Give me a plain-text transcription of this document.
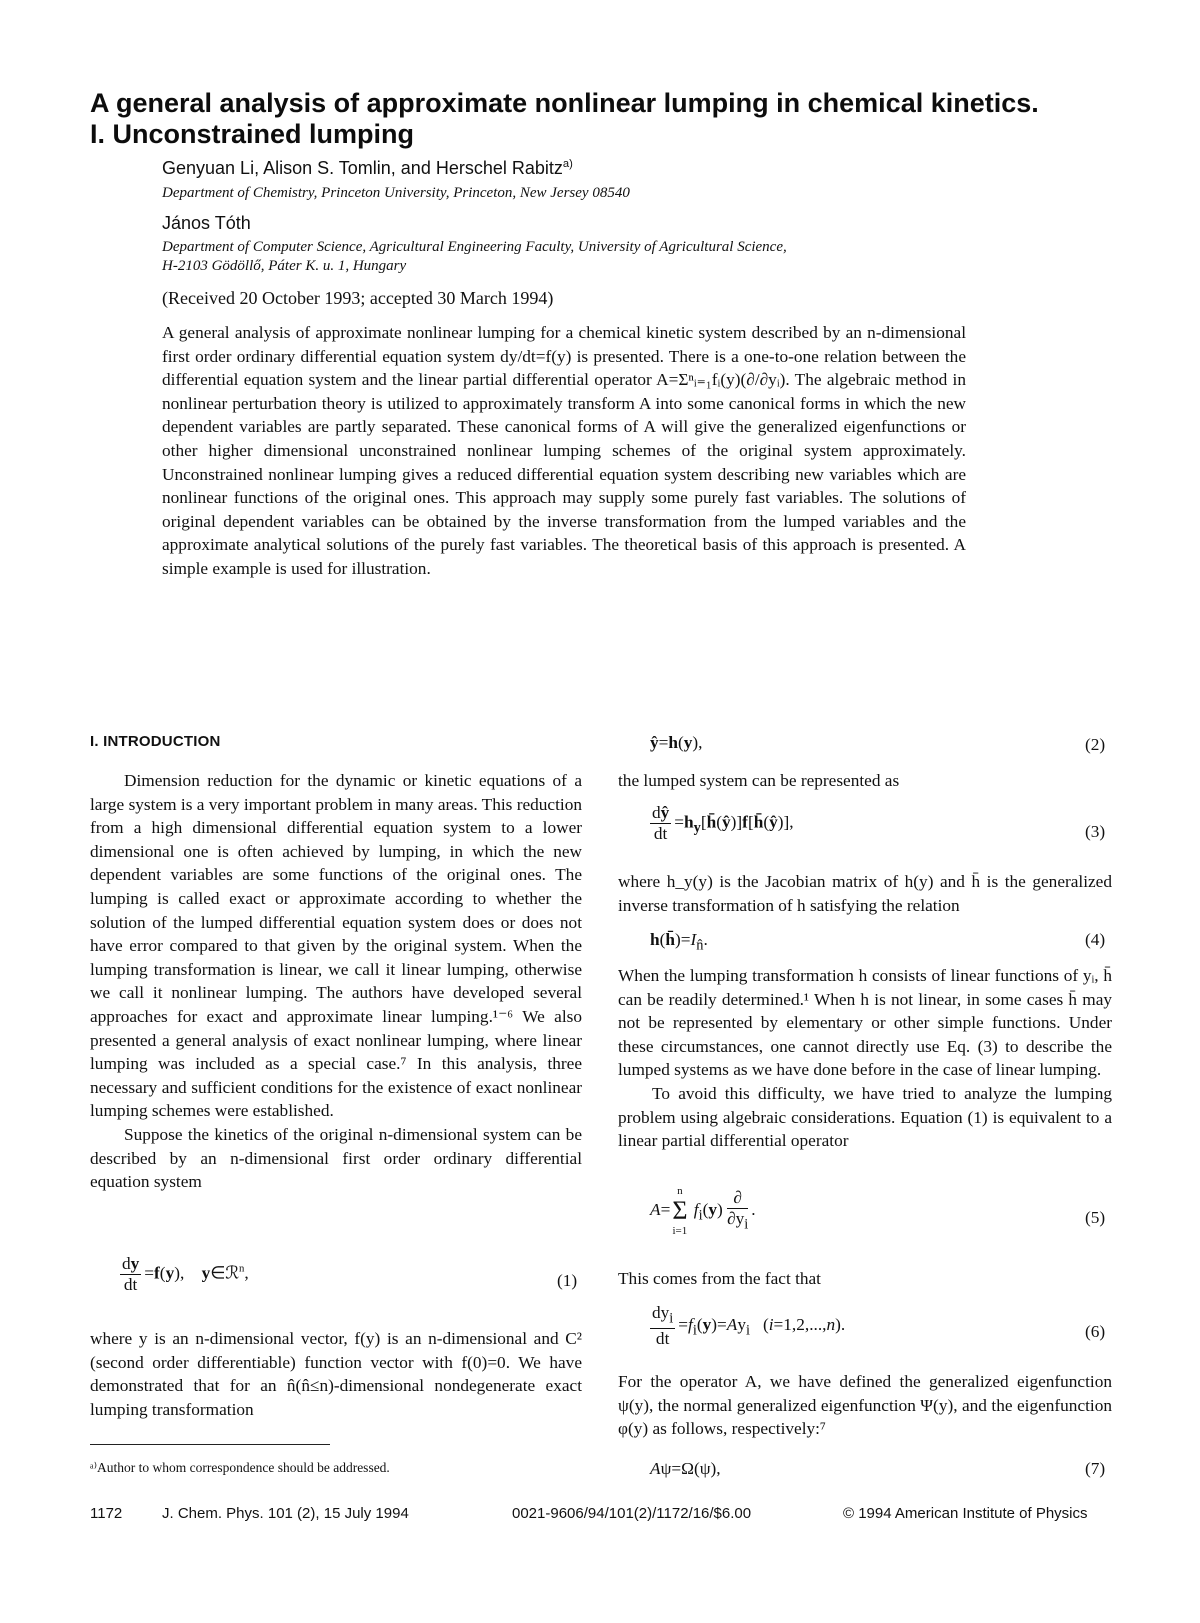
A general analysis of approximate nonlinear lumping in chemical kinetics.
I. Unconstrained lumping
Genyuan Li, Alison S. Tomlin, and Herschel Rabitz$^{a)}$
Department of Chemistry, Princeton University, Princeton, New Jersey 08540
János Tóth
Department of Computer Science, Agricultural Engineering Faculty, University of Agricultural Science,
H-2103 Gödöllő, Páter K. u. 1, Hungary
(Received 20 October 1993; accepted 30 March 1994)
A general analysis of approximate nonlinear lumping for a chemical kinetic system described by an n-dimensional first order ordinary differential equation system dy/dt=f(y) is presented. There is a one-to-one relation between the differential equation system and the linear partial differential operator A=Σⁿᵢ₌₁fᵢ(y)(∂/∂yᵢ). The algebraic method in nonlinear perturbation theory is utilized to approximately transform A into some canonical forms in which the new dependent variables are partly separated. These canonical forms of A will give the generalized eigenfunctions or other higher dimensional unconstrained nonlinear lumping schemes of the original system approximately. Unconstrained nonlinear lumping gives a reduced differential equation system describing new variables which are nonlinear functions of the original ones. This approach may supply some purely fast variables. The solutions of original dependent variables can be obtained by the inverse transformation from the lumped variables and the approximate analytical solutions of the purely fast variables. The theoretical basis of this approach is presented. A simple example is used for illustration.
I. INTRODUCTION

Dimension reduction for the dynamic or kinetic equations of a large system is a very important problem in many areas. This reduction from a high dimensional differential equation system to a lower dimensional one is often achieved by lumping, in which the new dependent variables are some functions of the original ones. The lumping is called exact or approximate according to whether the solution of the lumped differential equation system does or does not have error compared to that given by the original system. When the lumping transformation is linear, we call it linear lumping, otherwise we call it nonlinear lumping. The authors have developed several approaches for exact and approximate linear lumping.¹⁻⁶ We also presented a general analysis of exact nonlinear lumping, where linear lumping was included as a special case.⁷ In this analysis, three necessary and sufficient conditions for the existence of exact nonlinear lumping schemes were established.

Suppose the kinetics of the original n-dimensional system can be described by an n-dimensional first order ordinary differential equation system

$\frac{dy}{dt} =f(y)$,    y∈ℛ$^n$,	(1)
where y is an n-dimensional vector, f(y) is an n-dimensional and C² (second order differentiable) function vector with f(0)=0. We have demonstrated that for an n̂(n̂≤n)-dimensional nondegenerate exact lumping transformation
ᵃ⁾Author to whom correspondence should be addressed.
ŷ=h(y),	(2)
the lumped system can be represented as
$\frac{dŷ}{dt}$ $=h_y[h̄(ŷ)]f[h̄(ŷ)]$,
(3)
where h_y(y) is the Jacobian matrix of h(y) and h̄ is the generalized inverse transformation of h satisfying the relation
$h(h̄)=I_{n̂}$.	(4)

When the lumping transformation h consists of linear functions of yᵢ, h̄ can be readily determined.¹ When h is not linear, in some cases h̄ may not be represented by elementary or other simple functions. Under these circumstances, one cannot directly use Eq. (3) to describe the lumped systems as we have done before in the case of linear lumping.

To avoid this difficulty, we have tried to analyze the lumping problem using algebraic considerations. Equation (1) is equivalent to a linear partial differential operator

A=
n
Σ
i=1
$f_i(y) \frac{\partial}{\partial y_i}$ .	(5)
This comes from the fact that
$\frac{dy_i}{dt} =f_i(y)=Ay_i$   (i=1,2,...,n).	(6)
For the operator A, we have defined the generalized eigenfunction ψ(y), the normal generalized eigenfunction Ψ(y), and the eigenfunction φ(y) as follows, respectively:⁷
Aψ=Ω(ψ),	(7)
1172	J. Chem. Phys. 101 (2), 15 July 1994	0021-9606/94/101(2)/1172/16/$6.00	© 1994 American Institute of Physics
